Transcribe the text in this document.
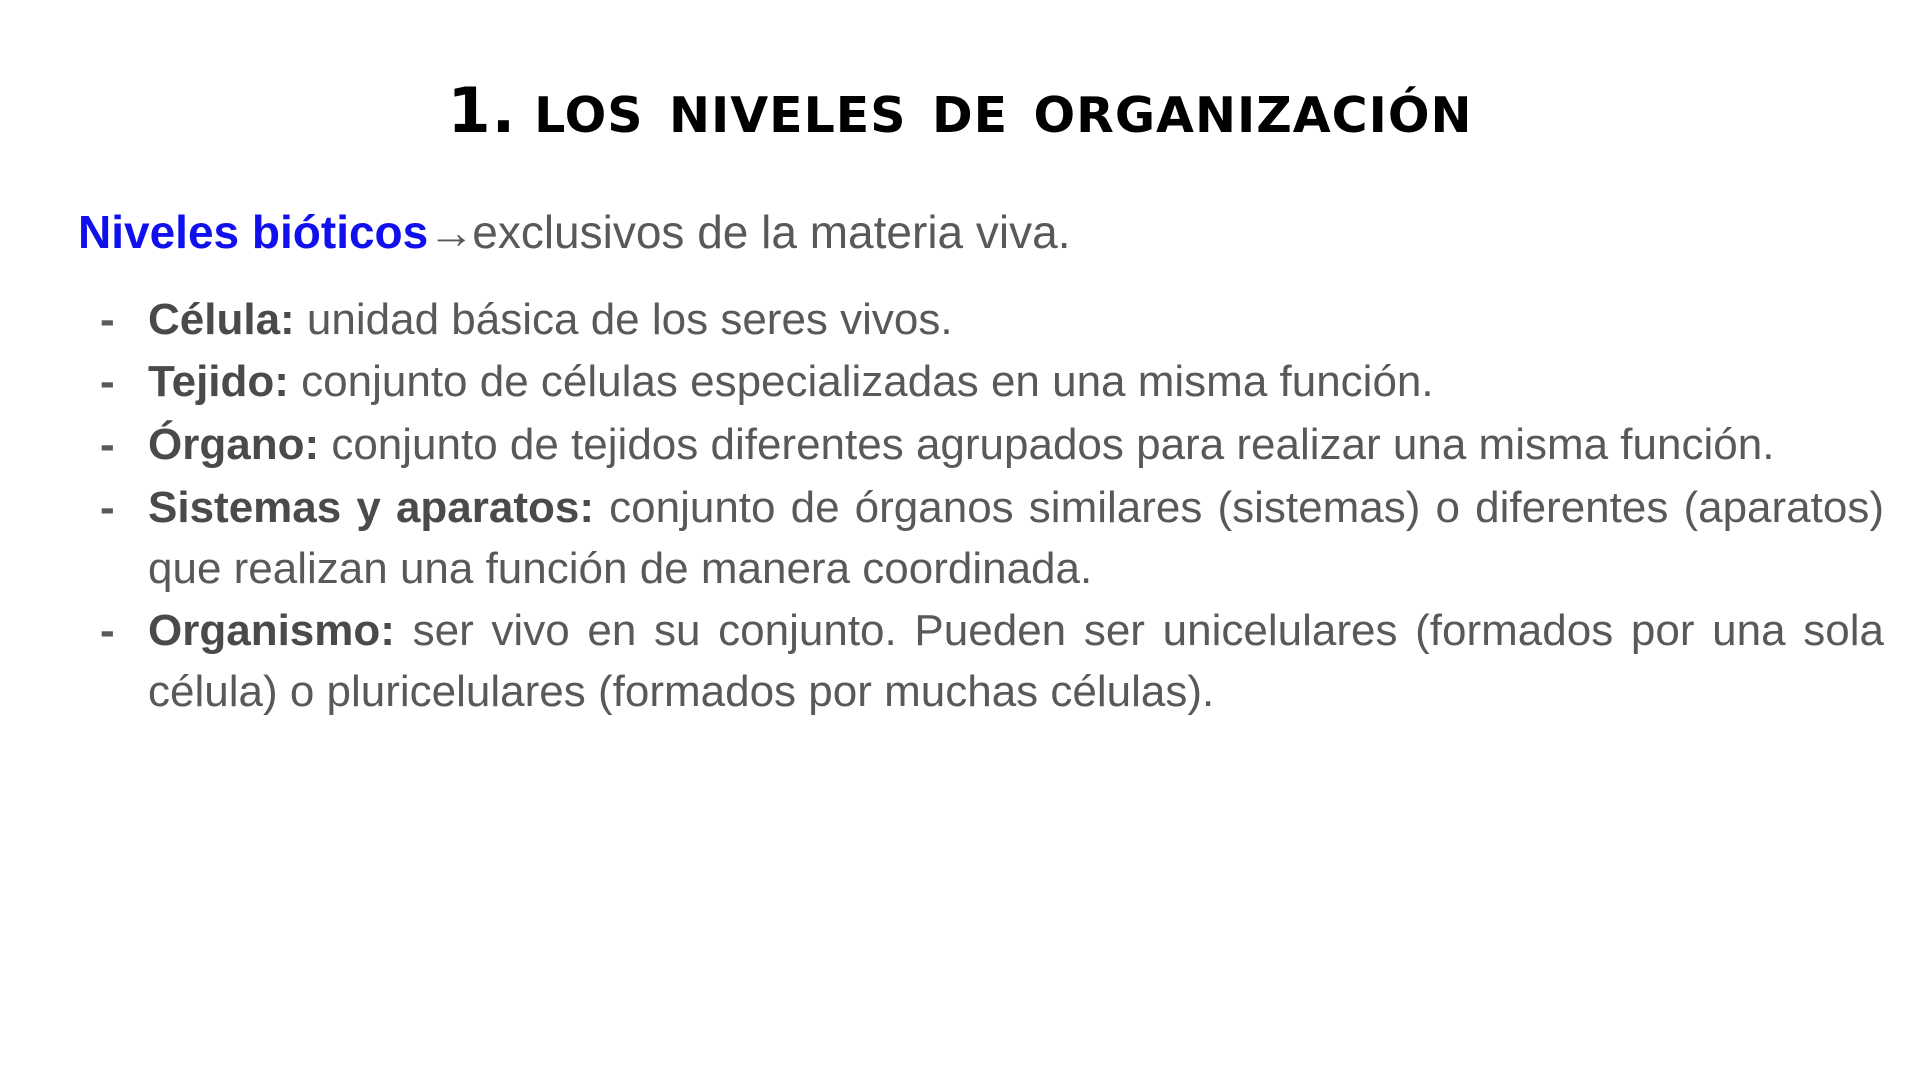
1. los niveles de organización

Niveles bióticos→exclusivos de la materia viva.

- Célula: unidad básica de los seres vivos.
- Tejido: conjunto de células especializadas en una misma función.
- Órgano: conjunto de tejidos diferentes agrupados para realizar una misma función.
- Sistemas y aparatos: conjunto de órganos similares (sistemas) o diferentes (aparatos) que realizan una función de manera coordinada.
- Organismo: ser vivo en su conjunto. Pueden ser unicelulares (formados por una sola célula) o pluricelulares (formados por muchas células).
